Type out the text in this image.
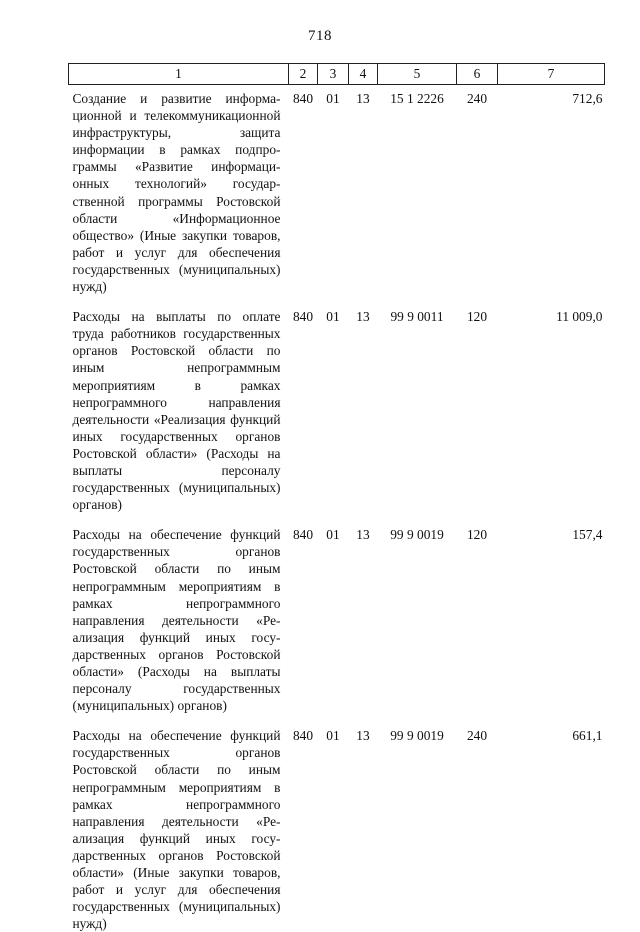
718
1	2	3	4	5	6	7
Создание и развитие информационной и телекоммуникационной инфраструктуры, защита информации в рамках подпрограммы «Развитие информационных технологий» государственной программы Ростовской области «Информационное общество» (Иные закупки товаров, работ и услуг для обеспечения государственных (муниципальных) нужд)	840	01	13	15 1 2226	240	712,6
Расходы на выплаты по оплате труда работников государственных органов Ростовской области по иным непрограммным мероприятиям в рамках непрограммного направления деятельности «Реализация функций иных государственных органов Ростовской области» (Расходы на выплаты персоналу государственных (муниципальных) органов)	840	01	13	99 9 0011	120	11 009,0
Расходы на обеспечение функций государственных органов Ростовской области по иным непрограммным мероприятиям в рамках непрограммного направления деятельности «Реализация функций иных государственных органов Ростовской области» (Расходы на выплаты персоналу государственных (муниципальных) органов)	840	01	13	99 9 0019	120	157,4
Расходы на обеспечение функций государственных органов Ростовской области по иным непрограммным мероприятиям в рамках непрограммного направления деятельности «Реализация функций иных государственных органов Ростовской области» (Иные закупки товаров, работ и услуг для обеспечения государственных (муниципальных) нужд)	840	01	13	99 9 0019	240	661,1
